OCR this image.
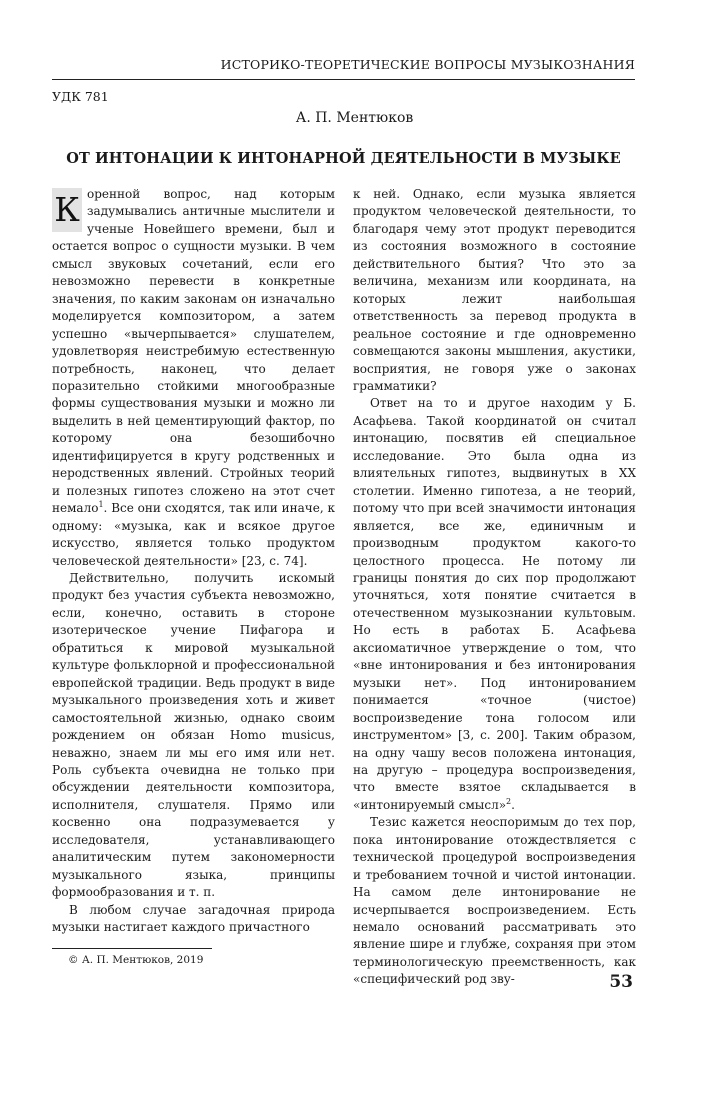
ИСТОРИКО-ТЕОРЕТИЧЕСКИЕ ВОПРОСЫ МУЗЫКОЗНАНИЯ
УДК 781
А. П. Ментюков
ОТ ИНТОНАЦИИ К ИНТОНАРНОЙ ДЕЯТЕЛЬНОСТИ В МУЗЫКЕ

К оренной вопрос, над которым задумывались античные мыслители и ученые Новейшего времени, был и остается вопрос о сущности музыки. В чем смысл звуковых сочетаний, если его невозможно перевести в конкретные значения, по каким законам он изначально моделируется композитором, а затем успешно «вычерпывается» слушателем, удовлетворяя неистребимую естественную потребность, наконец, что делает поразительно стойкими многообразные формы существования музыки и можно ли выделить в ней цементирующий фактор, по которому она безошибочно идентифицируется в кругу родственных и неродственных явлений. Стройных теорий и полезных гипотез сложено на этот счет немало$^1$. Все они сходятся, так или иначе, к одному: «музыка, как и всякое другое искусство, является только продуктом человеческой деятельности» [23, с. 74].

Действительно, получить искомый продукт без участия субъекта невозможно, если, конечно, оставить в стороне изотерическое учение Пифагора и обратиться к мировой музыкальной культуре фольклорной и профессиональной европейской традиции. Ведь продукт в виде музыкального произведения хоть и живет самостоятельной жизнью, однако своим рождением он обязан Homo musicus, неважно, знаем ли мы его имя или нет. Роль субъекта очевидна не только при обсуждении деятельности композитора, исполнителя, слушателя. Прямо или косвенно она подразумевается у исследователя, устанавливающего аналитическим путем закономерности музыкального языка, принципы формообразования и т. п.

В любом случае загадочная природа музыки настигает каждого причастного

к ней. Однако, если музыка является продуктом человеческой деятельности, то благодаря чему этот продукт переводится из состояния возможного в состояние действительного бытия? Что это за величина, механизм или координата, на которых лежит наибольшая ответственность за перевод продукта в реальное состояние и где одновременно совмещаются законы мышления, акустики, восприятия, не говоря уже о законах грамматики?

Ответ на то и другое находим у Б. Асафьева. Такой координатой он считал интонацию, посвятив ей специальное исследование. Это была одна из влиятельных гипотез, выдвинутых в XX столетии. Именно гипотеза, а не теорий, потому что при всей значимости интонация является, все же, единичным и производным продуктом какого-то целостного процесса. Не потому ли границы понятия до сих пор продолжают уточняться, хотя понятие считается в отечественном музыкознании культовым. Но есть в работах Б. Асафьева аксиоматичное утверждение о том, что «вне интонирования и без интонирования музыки нет». Под интонированием понимается «точное (чистое) воспроизведение тона голосом или инструментом» [3, с. 200]. Таким образом, на одну чашу весов положена интонация, на другую – процедура воспроизведения, что вместе взятое складывается в «интонируемый смысл»$^2$.

Тезис кажется неоспоримым до тех пор, пока интонирование отождествляется с технической процедурой воспроизведения и требованием точной и чистой интонации. На самом деле интонирование не исчерпывается воспроизведением. Есть немало оснований рассматривать это явление шире и глубже, сохраняя при этом терминологическую преемственность, как «специфический род зву-

© А. П. Ментюков, 2019
53
